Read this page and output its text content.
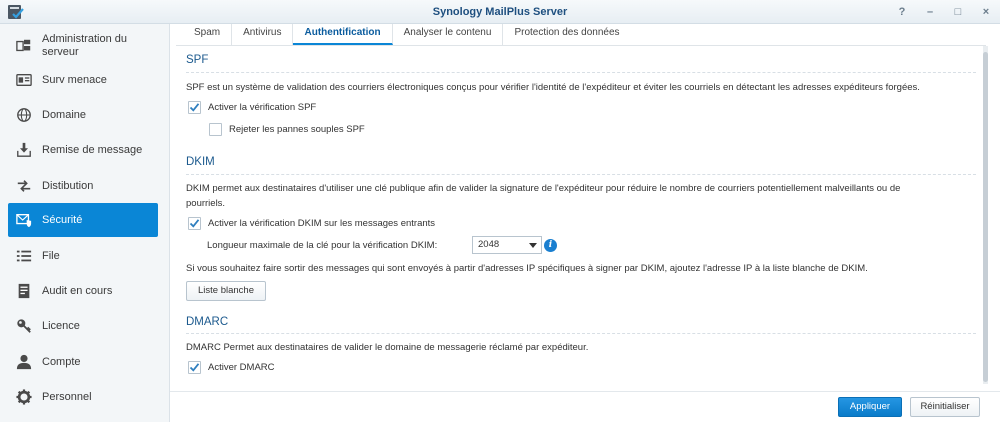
Synology MailPlus Server	? – □ ×
Administration du serveur
Surv menace
Domaine
Remise de message
Distibution
Sécurité
File
Audit en cours
Licence
Compte
Personnel
Spam	Antivirus	Authentification	Analyser le contenu	Protection des données
SPF
SPF est un système de validation des courriers électroniques conçus pour vérifier l'identité de l'expéditeur et éviter les courriels en détectant les adresses expéditeurs forgées.
Activer la vérification SPF
Rejeter les pannes souples SPF
DKIM
DKIM permet aux destinataires d'utiliser une clé publique afin de valider la signature de l'expéditeur pour réduire le nombre de courriers potentiellement malveillants ou de
pourriels.
Activer la vérification DKIM sur les messages entrants
Longueur maximale de la clé pour la vérification DKIM:	2048	i
Si vous souhaitez faire sortir des messages qui sont envoyés à partir d'adresses IP spécifiques à signer par DKIM, ajoutez l'adresse IP à la liste blanche de DKIM.
Liste blanche
DMARC
DMARC Permet aux destinataires de valider le domaine de messagerie réclamé par expéditeur.
Activer DMARC
Appliquer	Réinitialiser
